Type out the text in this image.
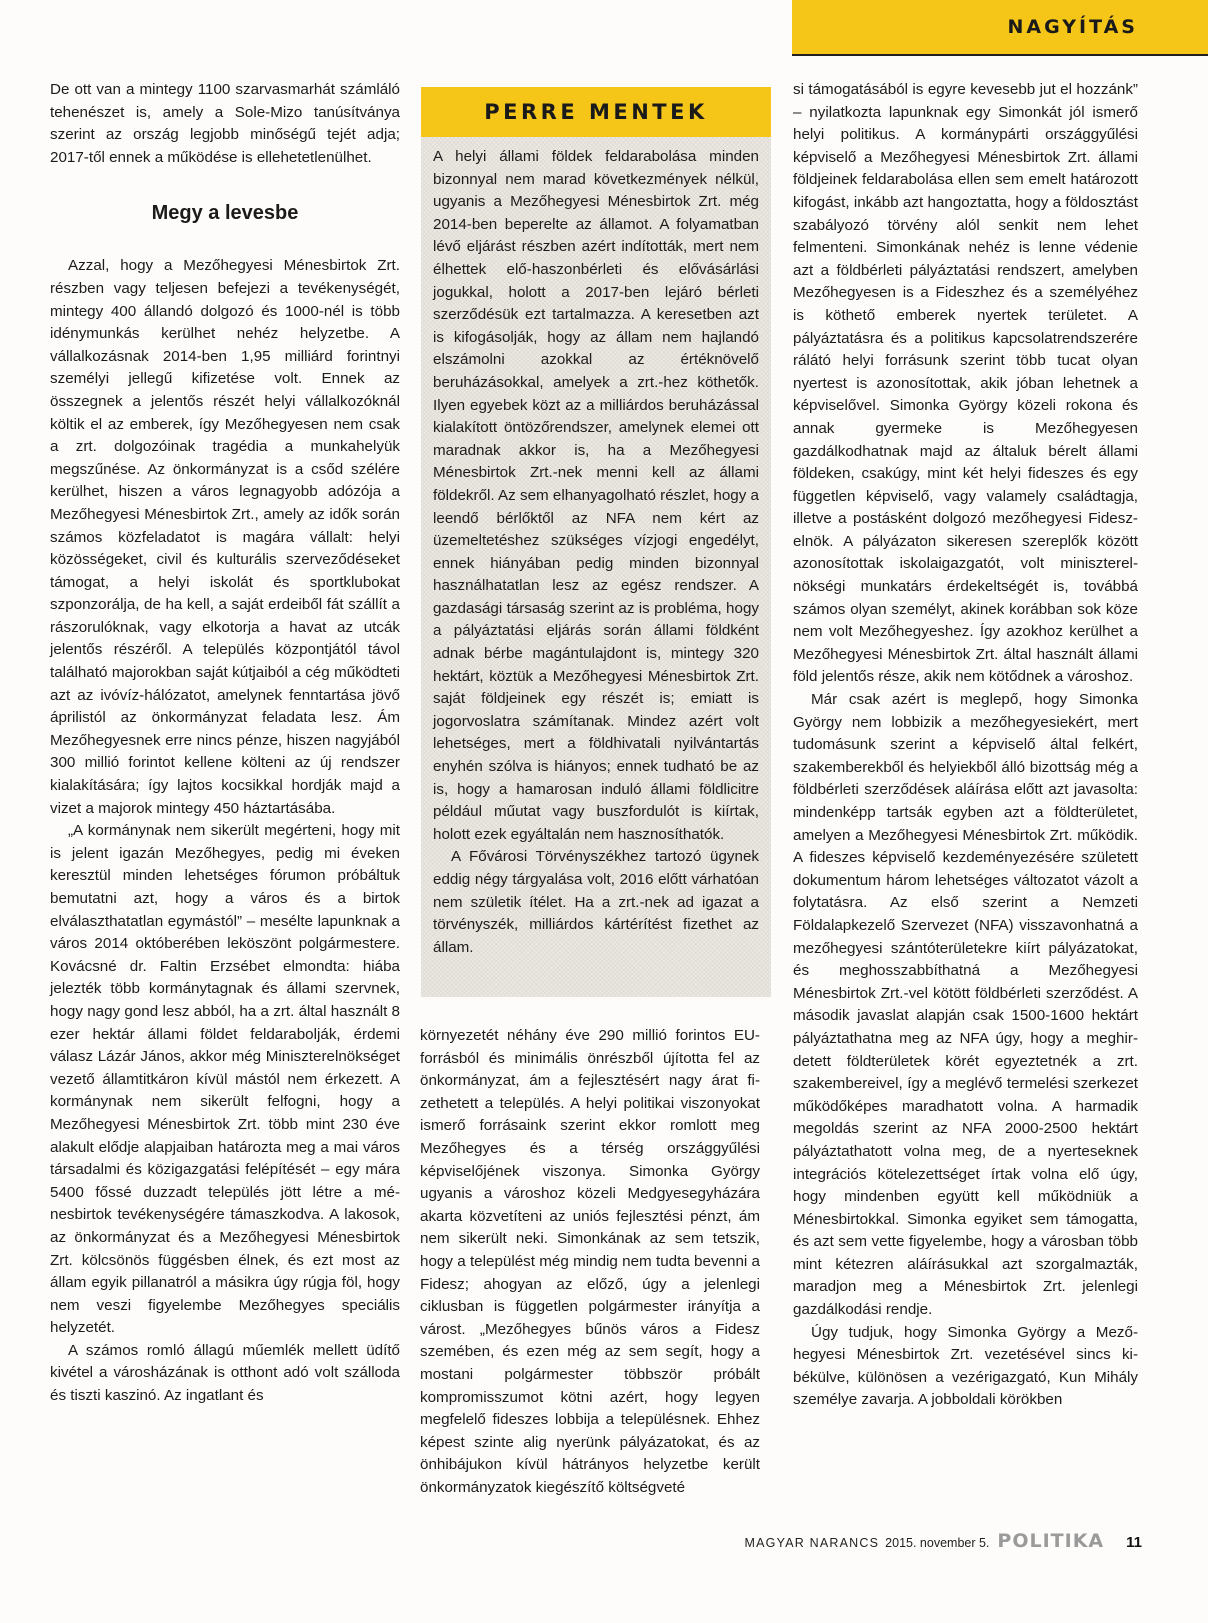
NAGYÍTÁS

De ott van a mintegy 1100 szarvasmarhát számláló tehenészet is, amely a Sole-Mizo tanúsítványa szerint az ország legjobb minőségű tejét adja; 2017-től ennek a működése is ellehetetlenülhet.

Megy a levesbe

Azzal, hogy a Mezőhegyesi Ménesbirtok Zrt. részben vagy teljesen befejezi a tevékenységét, mintegy 400 állandó dolgozó és 1000-nél is több idénymunkás kerülhet nehéz helyzetbe. A vállalkozásnak 2014-ben 1,95 milliárd forintnyi személyi jellegű kifizetése volt. Ennek az összegnek a jelentős részét helyi vállalkozóknál költik el az emberek, így Mezőhegyesen nem csak a zrt. dolgozóinak tragédia a munkahelyük megszűnése. Az önkormányzat is a csőd szélére kerülhet, hiszen a város legnagyobb adózója a Mezőhegyesi Ménesbirtok Zrt., amely az idők során számos közfeladatot is magára vállalt: helyi közösségeket, civil és kulturális szerveződéseket támogat, a helyi iskolát és sportklubokat szponzorálja, de ha kell, a saját erdeiből fát szállít a rászorulóknak, vagy elkotorja a havat az utcák jelentős részéről. A település központjától távol található majorokban saját kútjaiból a cég működteti azt az ivóvíz-hálózatot, amelynek fenntartása jövő áprilistól az önkormányzat feladata lesz. Ám Mezőhegyesnek erre nincs pénze, hiszen nagyjából 300 millió forintot kellene költeni az új rendszer kialakítására; így lajtos kocsikkal hordják majd a vizet a majorok mintegy 450 háztartásába.

„A kormánynak nem sikerült megérteni, hogy mit is jelent igazán Mezőhegyes, pedig mi éveken keresztül minden lehetséges fórumon próbáltuk bemutatni azt, hogy a város és a birtok elválaszthatatlan egymástól” – mesélte lapunknak a város 2014 októberében leköszönt polgármestere. Kovácsné dr. Faltin Erzsébet elmondta: hiába jelezték több kormánytagnak és állami szervnek, hogy nagy gond lesz abból, ha a zrt. által használt 8 ezer hektár állami földet feldarabolják, érdemi válasz Lázár János, akkor még Miniszterelnökséget vezető államtitkáron kívül mástól nem érkezett. A kormánynak nem sikerült felfogni, hogy a Mezőhegyesi Ménesbirtok Zrt. több mint 230 éve alakult elődje alapjaiban határozta meg a mai város társadalmi és közigazgatási felépítését – egy mára 5400 főssé duzzadt település jött létre a ménesbirtok tevékenységére támaszkodva. A lakosok, az önkormányzat és a Mezőhegyesi Ménesbirtok Zrt. kölcsönös függésben élnek, és ezt most az állam egyik pillanatról a másikra úgy rúgja föl, hogy nem veszi figyelembe Mezőhegyes speciális helyzetét.

A számos romló állagú műemlék mellett üdítő kivétel a városházának is otthont adó volt szálloda és tiszti kaszinó. Az ingatlant és

PERRE MENTEK

A helyi állami földek feldarabolása minden bizonnyal nem marad következmények nélkül, ugyanis a Mezőhegyesi Ménesbirtok Zrt. még 2014-ben beperelte az államot. A folyamatban lévő eljárást részben azért indították, mert nem élhettek elő-haszonbérleti és elővásárlási jogukkal, holott a 2017-ben lejáró bérleti szerződésük ezt tartalmazza. A keresetben azt is kifogásolják, hogy az állam nem hajlandó elszámolni azokkal az értéknövelő beruházásokkal, amelyek a zrt.-hez köthetők. Ilyen egyebek közt az a milliárdos beruházással kialakított öntözőrendszer, amelynek elemei ott maradnak akkor is, ha a Mezőhegyesi Ménesbirtok Zrt.-nek menni kell az állami földekről. Az sem elhanyagolható részlet, hogy a leendő bérlőktől az NFA nem kért az üzemeltetéshez szükséges vízjogi engedélyt, ennek hiányában pedig minden bizonnyal használhatatlan lesz az egész rendszer. A gazdasági társaság szerint az is probléma, hogy a pályáztatási eljárás során állami földként adnak bérbe magántulajdont is, mintegy 320 hektárt, köztük a Mezőhegyesi Ménesbirtok Zrt. saját földjeinek egy részét is; emiatt is jogorvoslatra számítanak. Mindez azért volt lehetséges, mert a földhivatali nyilvántartás enyhén szólva is hiányos; ennek tudható be az is, hogy a hamarosan induló állami földlicitre például műutat vagy buszfordulót is kiírtak, holott ezek egyáltalán nem hasznosíthatók.

A Fővárosi Törvényszékhez tartozó ügynek eddig négy tárgyalása volt, 2016 előtt várhatóan nem születik ítélet. Ha a zrt.-nek ad igazat a törvényszék, milliárdos kártérítést fizethet az állam.

környezetét néhány éve 290 millió forintos EU-forrásból és minimális önrészből újította fel az önkormányzat, ám a fejlesztésért nagy árat fizethetett a település. A helyi politikai viszonyokat ismerő forrásaink szerint ekkor romlott meg Mezőhegyes és a térség országgyűlési képviselőjének viszonya. Simonka György ugyanis a városhoz közeli Medgyesegyházára akarta közvetíteni az uniós fejlesztési pénzt, ám nem sikerült neki. Simonkának az sem tetszik, hogy a települést még mindig nem tudta bevenni a Fidesz; ahogyan az előző, úgy a jelenlegi ciklusban is független polgármester irányítja a várost. „Mezőhegyes bűnös város a Fidesz szemében, és ezen még az sem segít, hogy a mostani polgármester többször próbált kompromisszumot kötni azért, hogy legyen megfelelő fideszes lobbija a településnek. Ehhez képest szinte alig nyerünk pályázatokat, és az önhibájukon kívül hátrányos helyzetbe került önkormányzatok kiegészítő költségveté

si támogatásából is egyre kevesebb jut el hozzánk” – nyilatkozta lapunknak egy Simonkát jól ismerő helyi politikus. A kormánypárti országgyűlési képviselő a Mezőhegyesi Ménesbirtok Zrt. állami földjeinek feldarabolása ellen sem emelt határozott kifogást, inkább azt hangoztatta, hogy a földosztást szabályozó törvény alól senkit nem lehet felmenteni. Simonkának nehéz is lenne védenie azt a földbérleti pályáztatási rendszert, amelyben Mezőhegyesen is a Fideszhez és a személyéhez is köthető emberek nyertek területet. A pályáztatásra és a politikus kapcsolatrendszerére rálátó helyi forrásunk szerint több tucat olyan nyertest is azonosítottak, akik jóban lehetnek a képviselővel. Simonka György közeli rokona és annak gyermeke is Mezőhegyesen gazdálkodhatnak majd az általuk bérelt állami földeken, csakúgy, mint két helyi fideszes és egy független képviselő, vagy valamely családtagja, illetve a postásként dolgozó mezőhegyesi Fidesz-elnök. A pályázaton sikeresen szereplők között azonosítottak iskolaigazgatót, volt miniszterelnökségi munkatárs érdekeltségét is, továbbá számos olyan személyt, akinek korábban sok köze nem volt Mezőhegyeshez. Így azokhoz kerülhet a Mezőhegyesi Ménesbirtok Zrt. által használt állami föld jelentős része, akik nem kötődnek a városhoz.

Már csak azért is meglepő, hogy Simonka György nem lobbizik a mezőhegyesiekért, mert tudomásunk szerint a képviselő által felkért, szakemberekből és helyiekből álló bizottság még a földbérleti szerződések aláírása előtt azt javasolta: mindenképp tartsák egyben azt a földterületet, amelyen a Mezőhegyesi Ménesbirtok Zrt. működik. A fideszes képviselő kezdeményezésére született dokumentum három lehetséges változatot vázolt a folytatásra. Az első szerint a Nemzeti Földalapkezelő Szervezet (NFA) visszavonhatná a mezőhegyesi szántóterületekre kiírt pályázatokat, és meghosszabbíthatná a Mezőhegyesi Ménesbirtok Zrt.-vel kötött földbérleti szerződést. A második javaslat alapján csak 1500-1600 hektárt pályáztathatna meg az NFA úgy, hogy a meghirdetett földterületek körét egyeztetnék a zrt. szakembereivel, így a meglévő termelési szerkezet működőképes maradhatott volna. A harmadik megoldás szerint az NFA 2000-2500 hektárt pályáztathatott volna meg, de a nyerteseknek integrációs kötelezettséget írtak volna elő úgy, hogy mindenben együtt kell működniük a Ménesbirtokkal. Simonka egyiket sem támogatta, és azt sem vette figyelembe, hogy a városban több mint kétezren aláírásukkal azt szorgalmazták, maradjon meg a Ménesbirtok Zrt. jelenlegi gazdálkodási rendje.

Úgy tudjuk, hogy Simonka György a Mezőhegyesi Ménesbirtok Zrt. vezetésével sincs kibékülve, különösen a vezérigazgató, Kun Mihály személye zavarja. A jobboldali körökben

MAGYAR NARANCS 2015. november 5. POLITIKA 11
